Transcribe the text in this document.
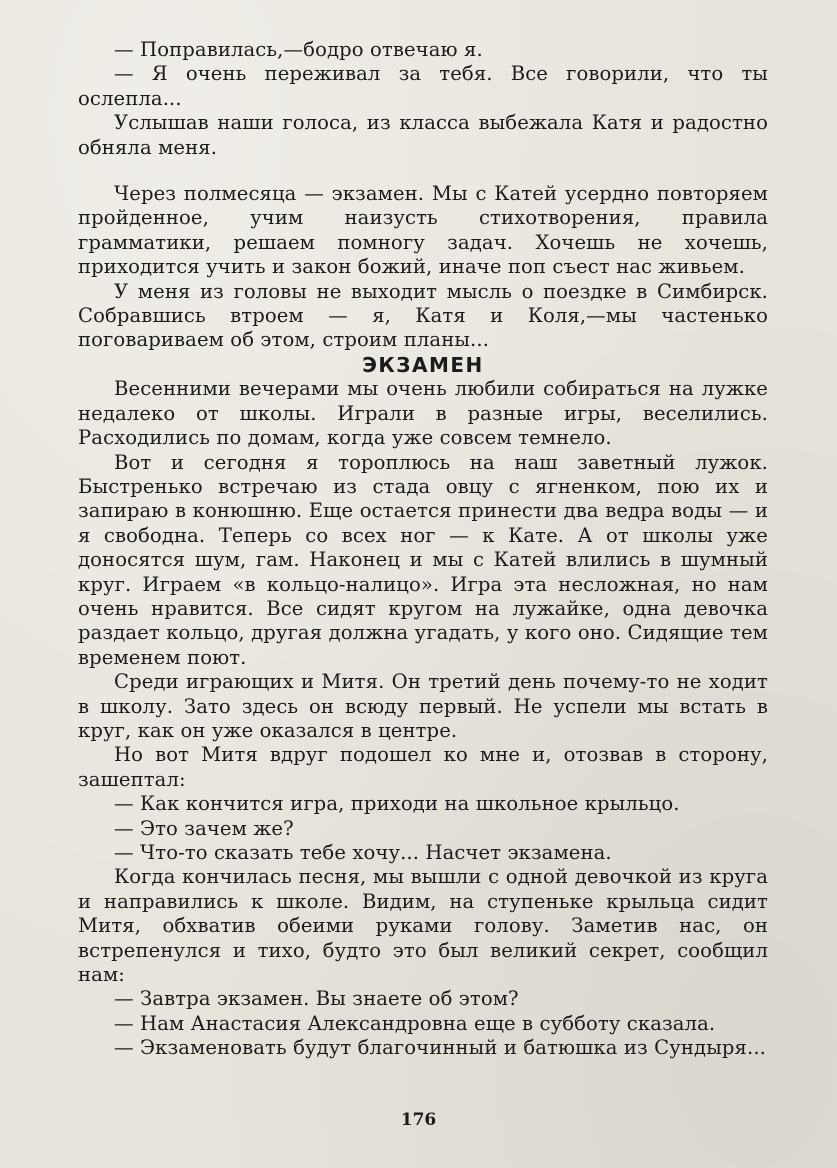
— Поправилась,—бодро отвечаю я.

— Я очень переживал за тебя. Все говорили, что ты ослепла...

Услышав наши голоса, из класса выбежала Катя и радостно обняла меня.

Через полмесяца — экзамен. Мы с Катей усердно повторяем пройденное, учим наизусть стихотворения, правила грамматики, решаем помногу задач. Хочешь не хочешь, приходится учить и закон божий, иначе поп съест нас живьем.

У меня из головы не выходит мысль о поездке в Симбирск. Собравшись втроем — я, Катя и Коля,—мы частенько поговариваем об этом, строим планы...

ЭКЗАМЕН

Весенними вечерами мы очень любили собираться на лужке недалеко от школы. Играли в разные игры, веселились. Расходились по домам, когда уже совсем темнело.

Вот и сегодня я тороплюсь на наш заветный лужок. Быстренько встречаю из стада овцу с ягненком, пою их и запираю в конюшню. Еще остается принести два ведра воды — и я свободна. Теперь со всех ног — к Кате. А от школы уже доносятся шум, гам. Наконец и мы с Катей влились в шумный круг. Играем «в кольцо-налицо». Игра эта несложная, но нам очень нравится. Все сидят кругом на лужайке, одна девочка раздает кольцо, другая должна угадать, у кого оно. Сидящие тем временем поют.

Среди играющих и Митя. Он третий день почему-то не ходит в школу. Зато здесь он всюду первый. Не успели мы встать в круг, как он уже оказался в центре.

Но вот Митя вдруг подошел ко мне и, отозвав в сторону, зашептал:

— Как кончится игра, приходи на школьное крыльцо.

— Это зачем же?

— Что-то сказать тебе хочу... Насчет экзамена.

Когда кончилась песня, мы вышли с одной девочкой из круга и направились к школе. Видим, на ступеньке крыльца сидит Митя, обхватив обеими руками голову. Заметив нас, он встрепенулся и тихо, будто это был великий секрет, сообщил нам:

— Завтра экзамен. Вы знаете об этом?

— Нам Анастасия Александровна еще в субботу сказала.

— Экзаменовать будут благочинный и батюшка из Сундыря...

176
